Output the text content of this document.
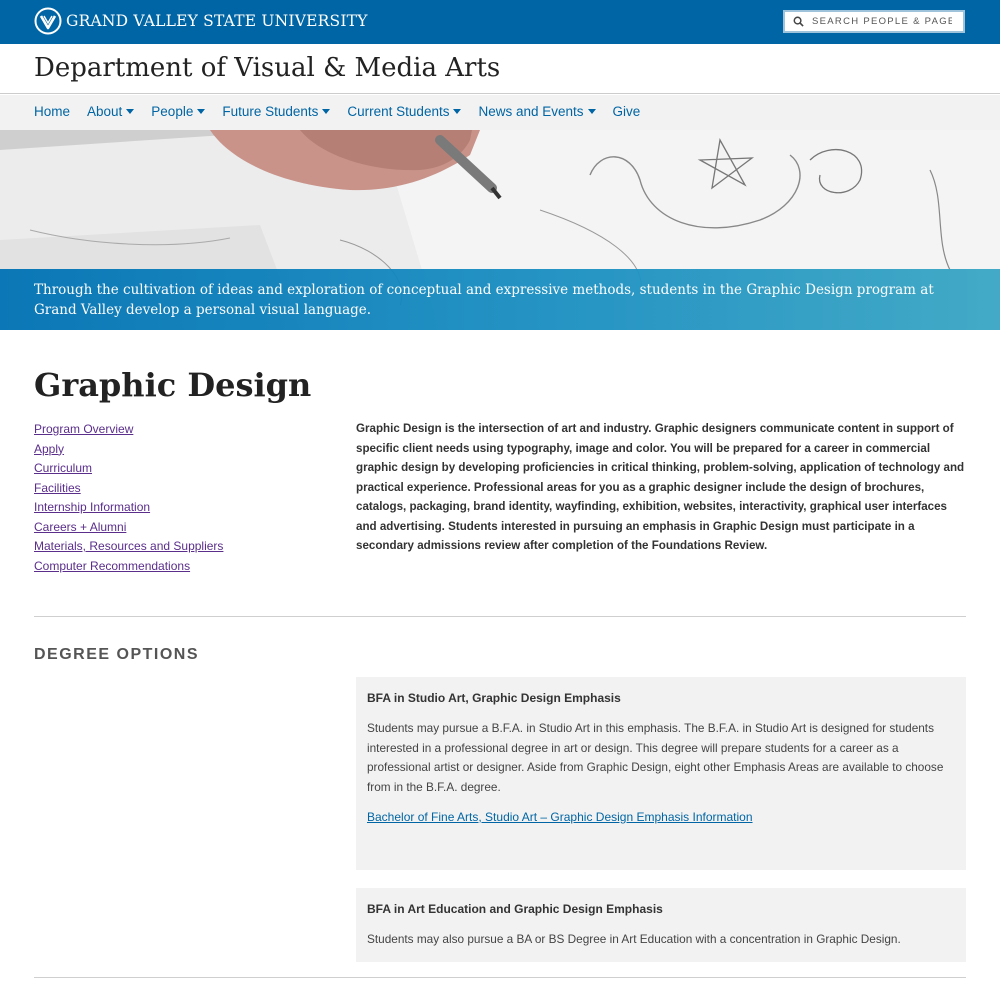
GRAND VALLEY STATE UNIVERSITY
Search People & Pages
Department of Visual & Media Arts
Home About People Future Students Current Students News and Events Give

Through the cultivation of ideas and exploration of conceptual and expressive methods, students in the Graphic Design program at Grand Valley develop a personal visual language.

Graphic Design
Program Overview
Apply
Curriculum
Facilities
Internship Information
Careers + Alumni
Materials, Resources and Suppliers
Computer Recommendations

Graphic Design is the intersection of art and industry. Graphic designers communicate content in support of specific client needs using typography, image and color. You will be prepared for a career in commercial graphic design by developing proficiencies in critical thinking, problem-solving, application of technology and practical experience. Professional areas for you as a graphic designer include the design of brochures, catalogs, packaging, brand identity, wayfinding, exhibition, websites, interactivity, graphical user interfaces and advertising. Students interested in pursuing an emphasis in Graphic Design must participate in a secondary admissions review after completion of the Foundations Review.

DEGREE OPTIONS
BFA in Studio Art, Graphic Design Emphasis

Students may pursue a B.F.A. in Studio Art in this emphasis. The B.F.A. in Studio Art is designed for students interested in a professional degree in art or design. This degree will prepare students for a career as a professional artist or designer. Aside from Graphic Design, eight other Emphasis Areas are available to choose from in the B.F.A. degree.

Bachelor of Fine Arts, Studio Art – Graphic Design Emphasis Information
BFA in Art Education and Graphic Design Emphasis

Students may also pursue a BA or BS Degree in Art Education with a concentration in Graphic Design.
